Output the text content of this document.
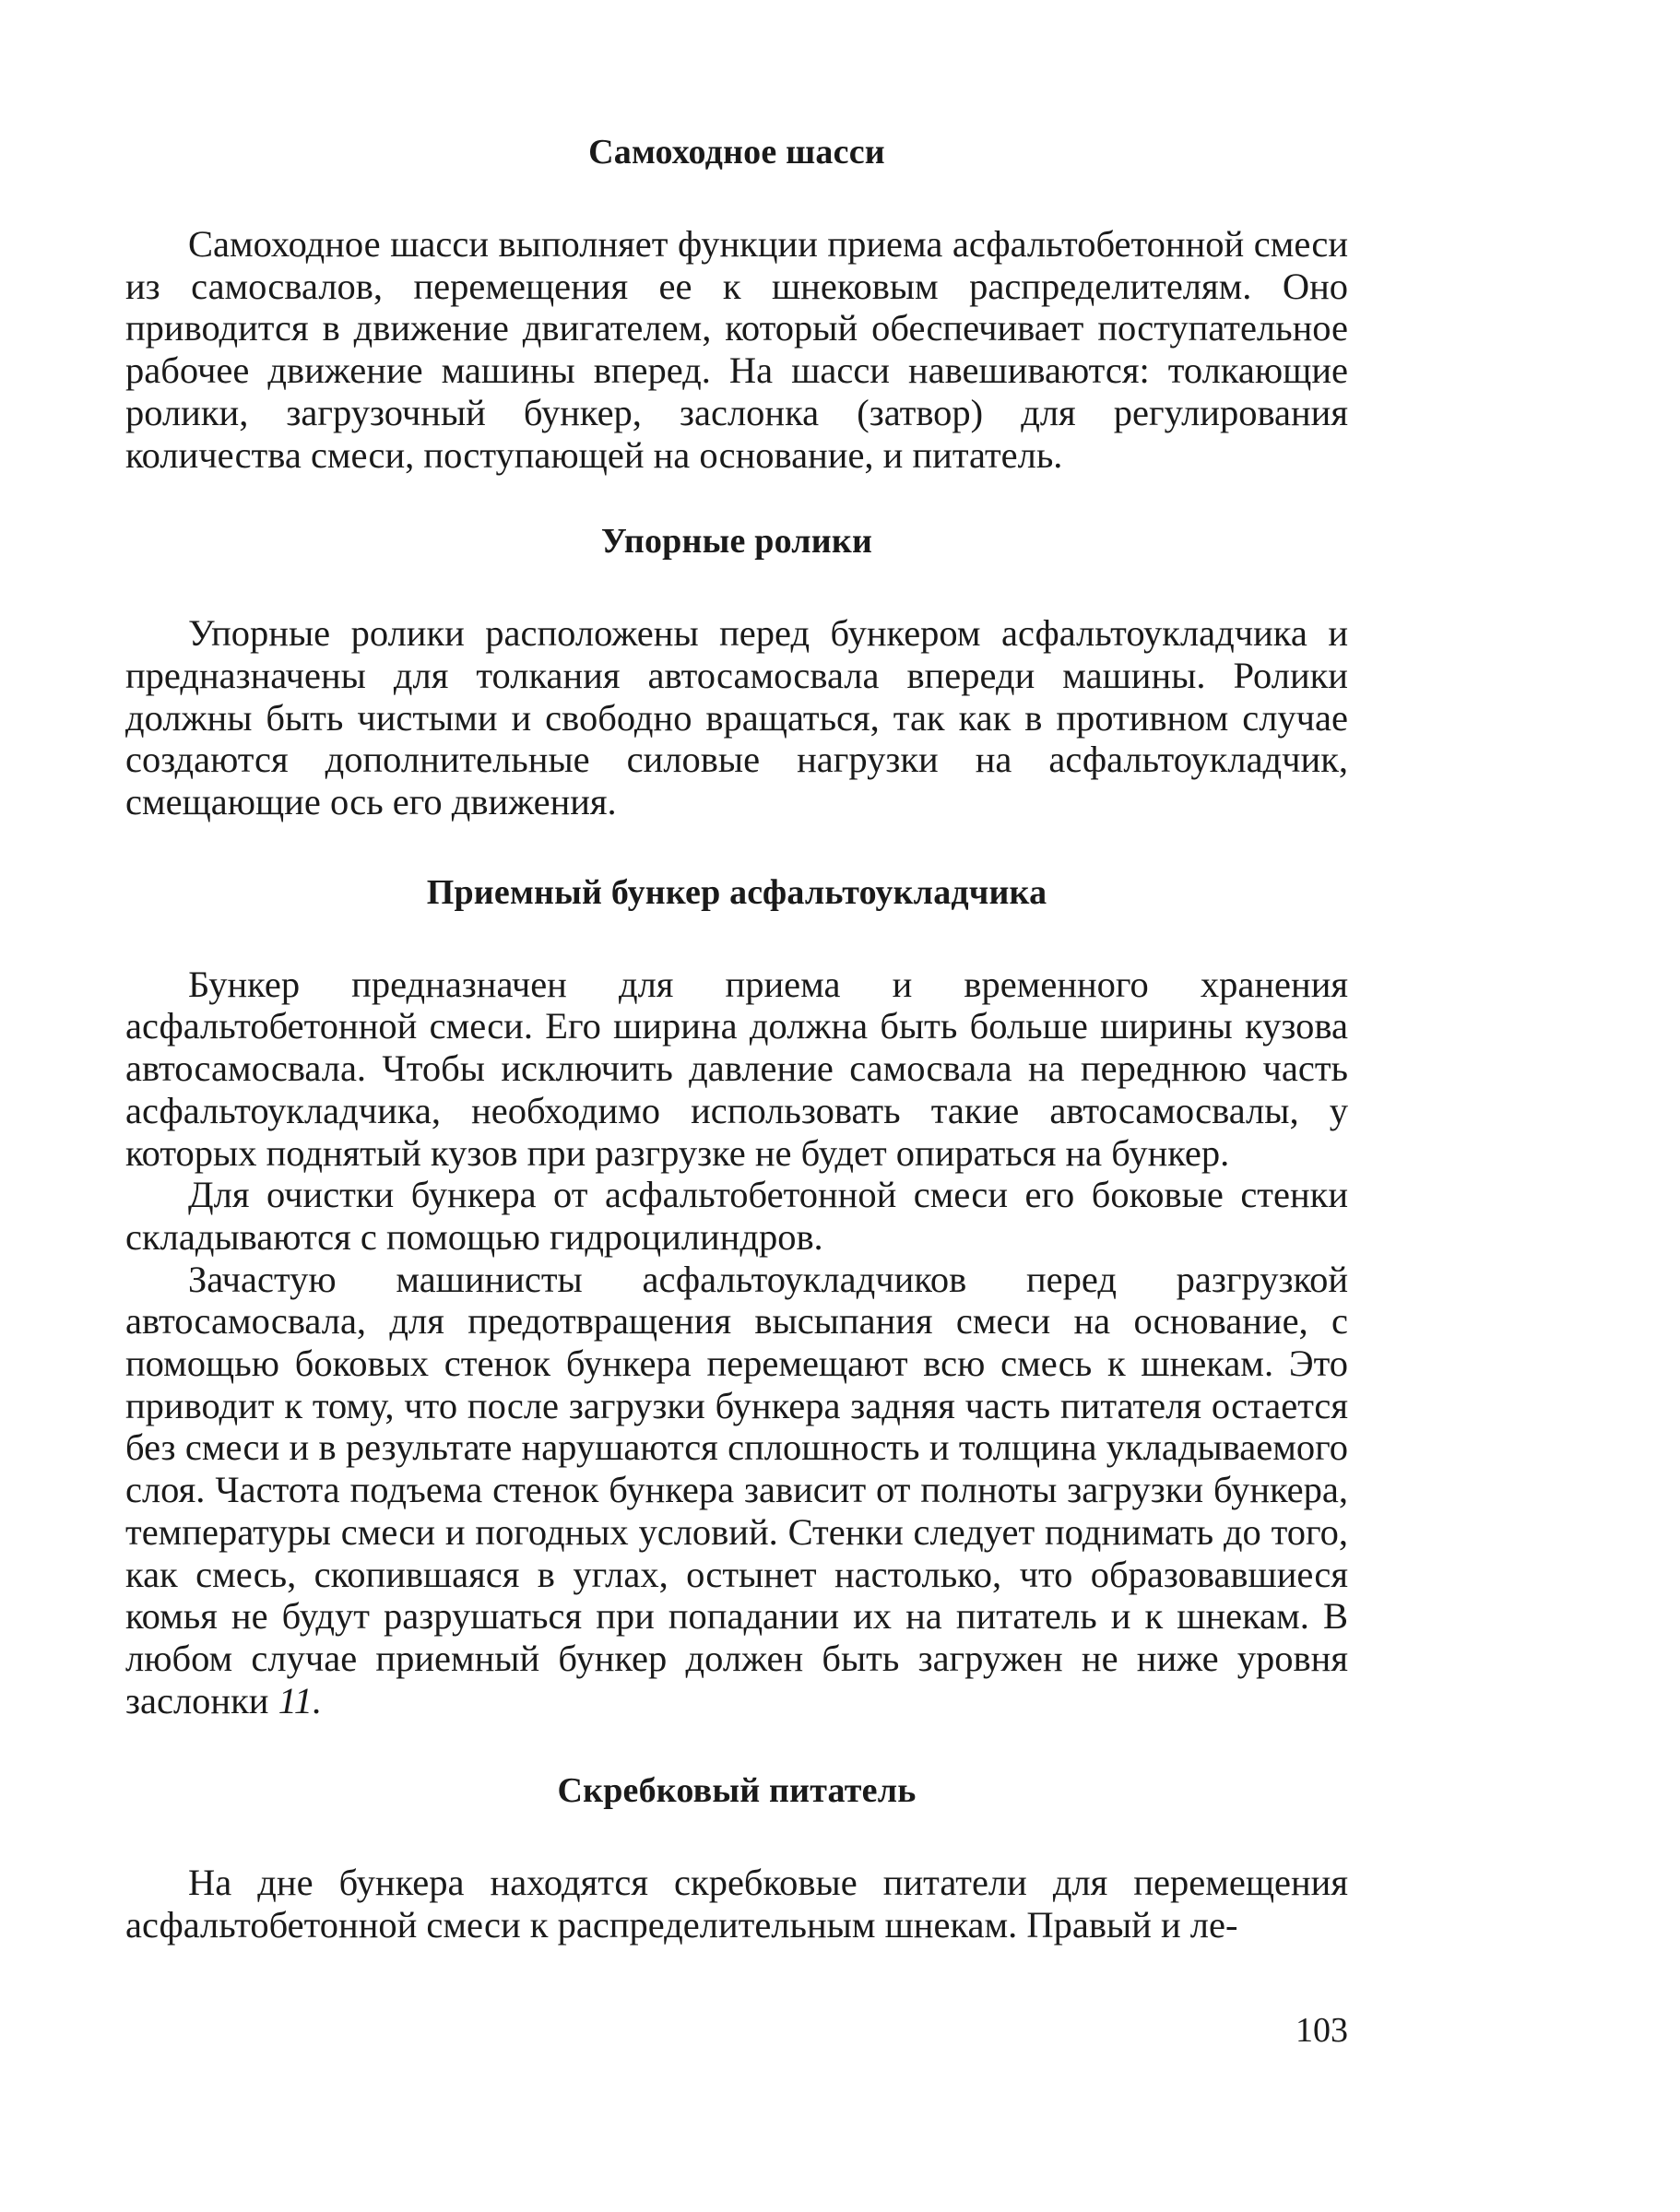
Самоходное шасси

Самоходное шасси выполняет функции приема асфальтобетонной смеси из самосвалов, перемещения ее к шнековым распределителям. Оно приводится в движение двигателем, который обеспечивает поступательное рабочее движение машины вперед. На шасси навешиваются: толкающие ролики, загрузочный бункер, заслонка (затвор) для регулирования количества смеси, поступающей на основание, и питатель.

Упорные ролики

Упорные ролики расположены перед бункером асфальтоукладчика и предназначены для толкания автосамосвала впереди машины. Ролики должны быть чистыми и свободно вращаться, так как в противном случае создаются дополнительные силовые нагрузки на асфальтоукладчик, смещающие ось его движения.

Приемный бункер асфальтоукладчика

Бункер предназначен для приема и временного хранения асфальтобетонной смеси. Его ширина должна быть больше ширины кузова автосамосвала. Чтобы исключить давление самосвала на переднюю часть асфальтоукладчика, необходимо использовать такие автосамосвалы, у которых поднятый кузов при разгрузке не будет опираться на бункер.

Для очистки бункера от асфальтобетонной смеси его боковые стенки складываются с помощью гидроцилиндров.

Зачастую машинисты асфальтоукладчиков перед разгрузкой автосамосвала, для предотвращения высыпания смеси на основание, с помощью боковых стенок бункера перемещают всю смесь к шнекам. Это приводит к тому, что после загрузки бункера задняя часть питателя остается без смеси и в результате нарушаются сплошность и толщина укладываемого слоя. Частота подъема стенок бункера зависит от полноты загрузки бункера, температуры смеси и погодных условий. Стенки следует поднимать до того, как смесь, скопившаяся в углах, остынет настолько, что образовавшиеся комья не будут разрушаться при попадании их на питатель и к шнекам. В любом случае приемный бункер должен быть загружен не ниже уровня заслонки 11.

Скребковый питатель

На дне бункера находятся скребковые питатели для перемещения асфальтобетонной смеси к распределительным шнекам. Правый и ле-

103
